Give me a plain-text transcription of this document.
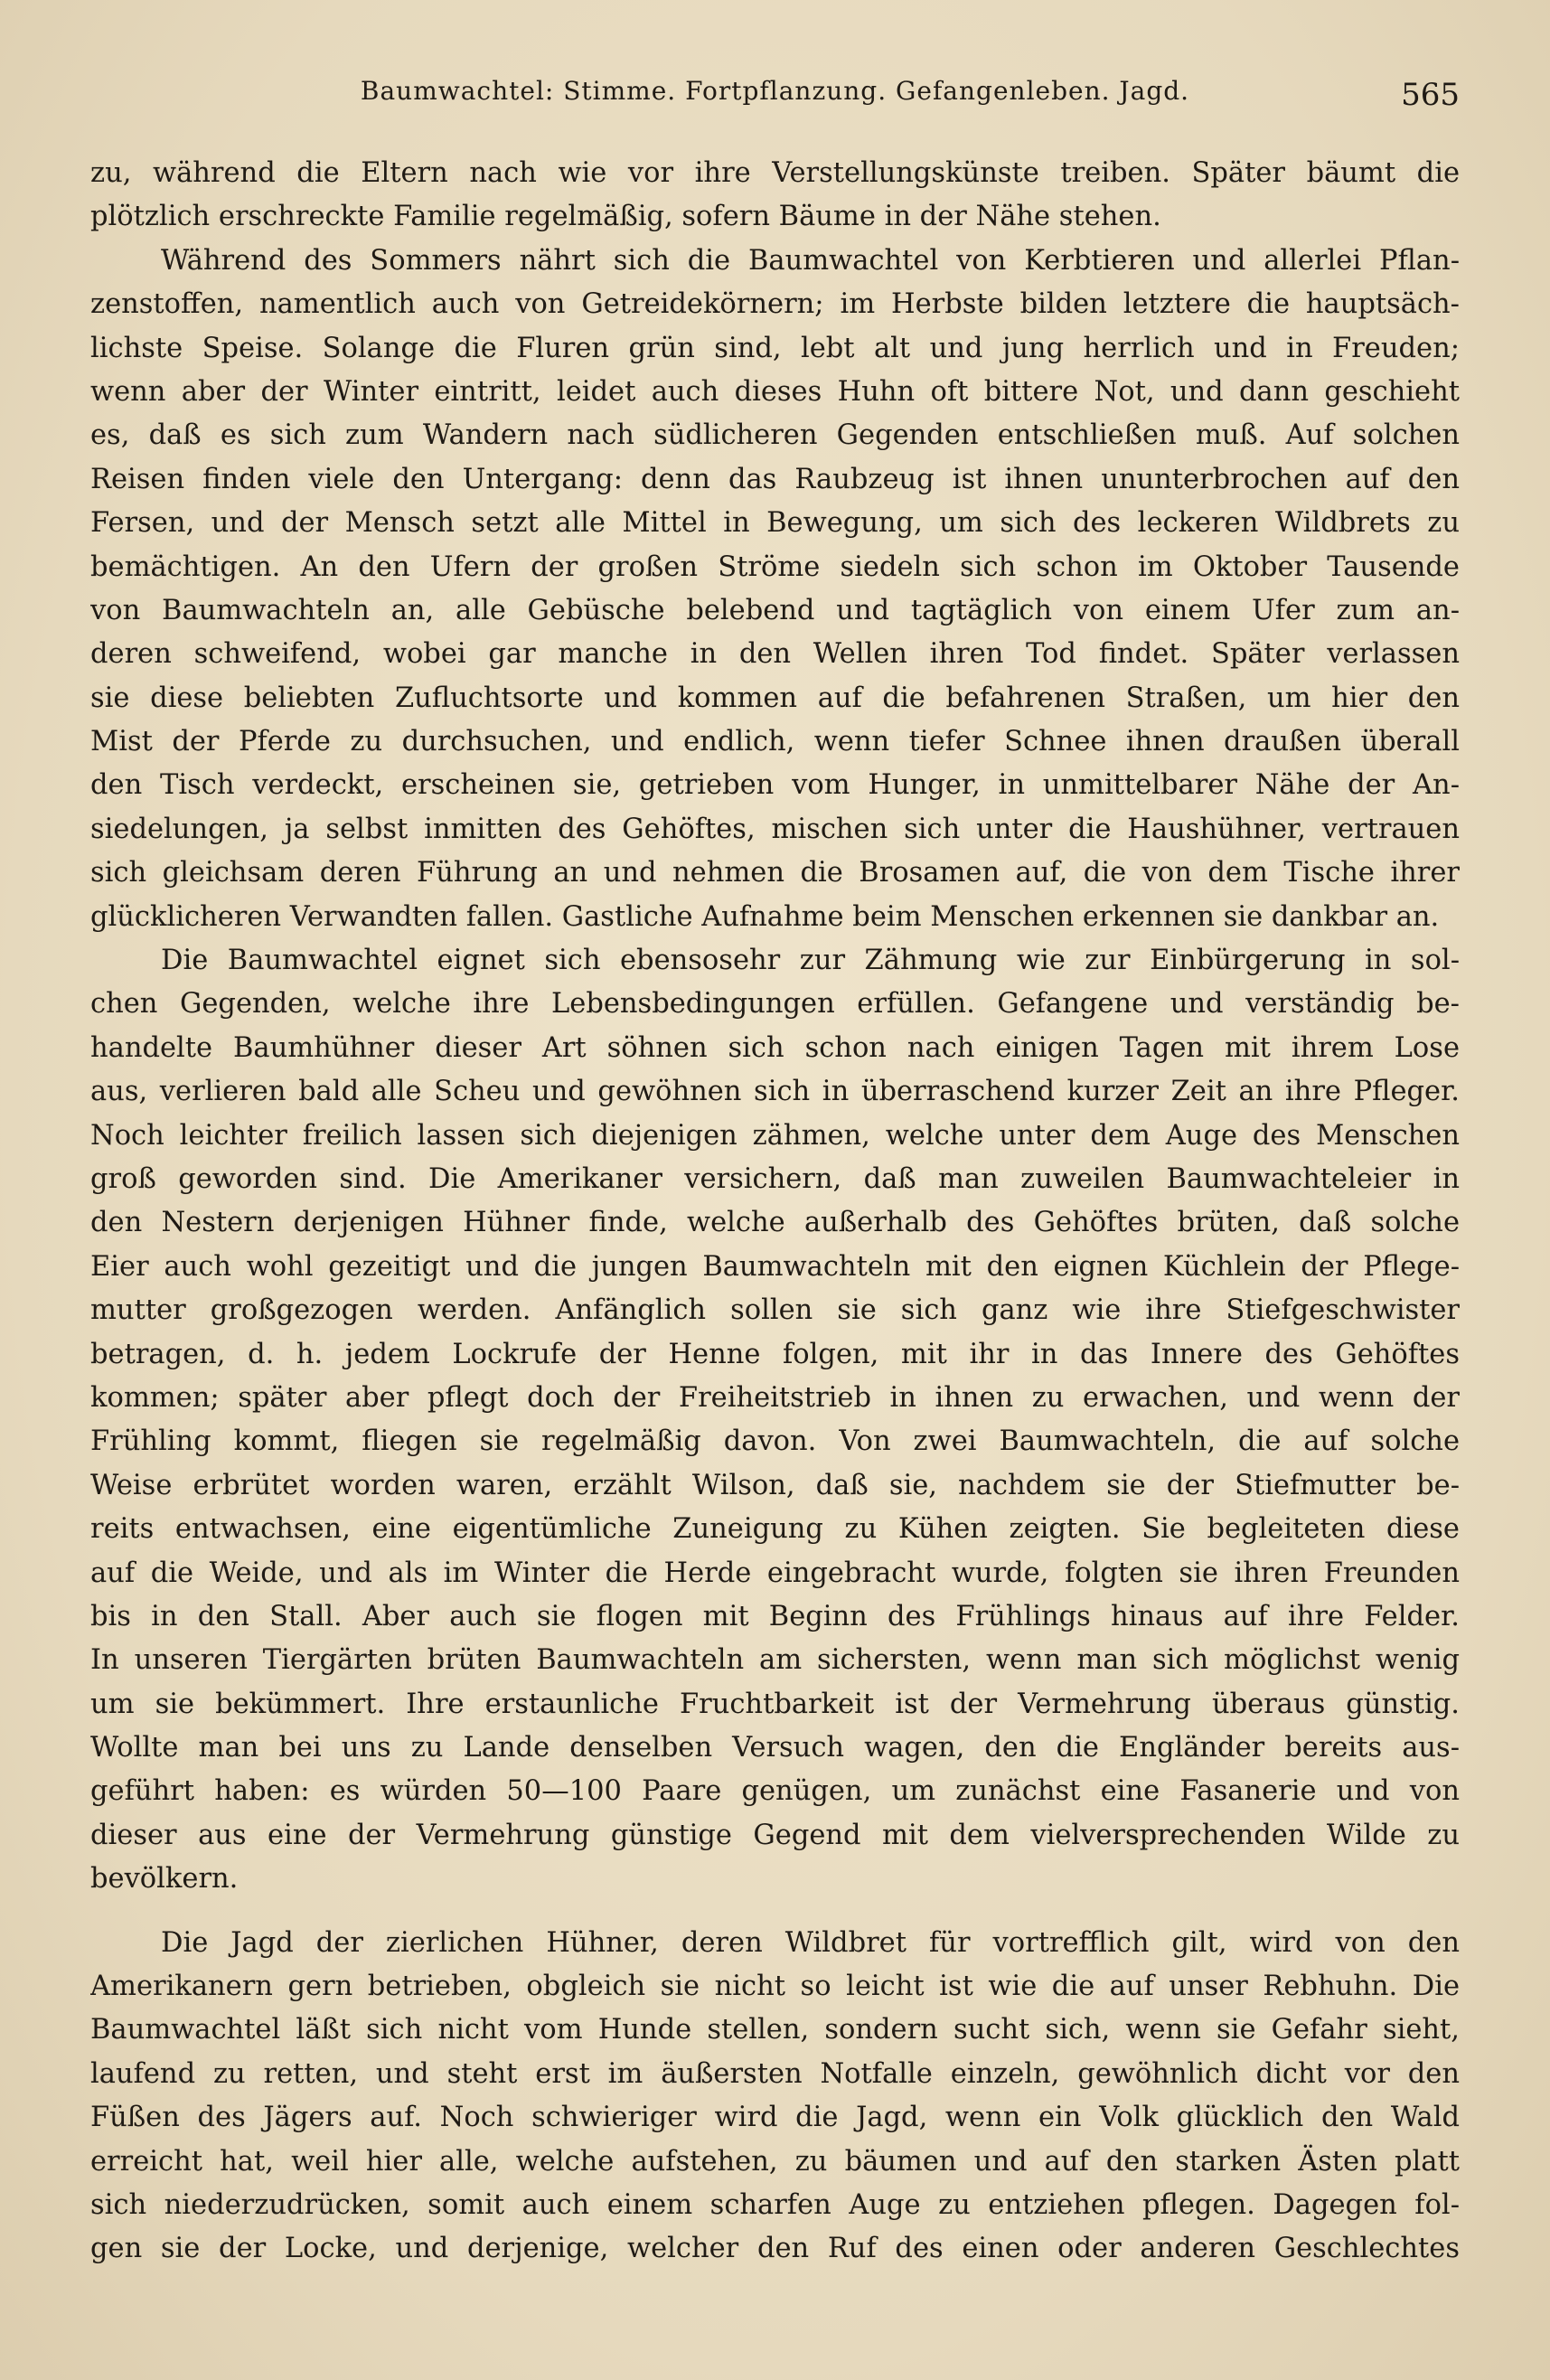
Baumwachtel: Stimme. Fortpflanzung. Gefangenleben. Jagd.	565
zu, während die Eltern nach wie vor ihre Verstellungskünste treiben. Später bäumt die
plötzlich erschreckte Familie regelmäßig, sofern Bäume in der Nähe stehen.
Während des Sommers nährt sich die Baumwachtel von Kerbtieren und allerlei Pflan-
zenstoffen, namentlich auch von Getreidekörnern; im Herbste bilden letztere die hauptsäch-
lichste Speise. Solange die Fluren grün sind, lebt alt und jung herrlich und in Freuden;
wenn aber der Winter eintritt, leidet auch dieses Huhn oft bittere Not, und dann geschieht
es, daß es sich zum Wandern nach südlicheren Gegenden entschließen muß. Auf solchen
Reisen finden viele den Untergang: denn das Raubzeug ist ihnen ununterbrochen auf den
Fersen, und der Mensch setzt alle Mittel in Bewegung, um sich des leckeren Wildbrets zu
bemächtigen. An den Ufern der großen Ströme siedeln sich schon im Oktober Tausende
von Baumwachteln an, alle Gebüsche belebend und tagtäglich von einem Ufer zum an-
deren schweifend, wobei gar manche in den Wellen ihren Tod findet. Später verlassen
sie diese beliebten Zufluchtsorte und kommen auf die befahrenen Straßen, um hier den
Mist der Pferde zu durchsuchen, und endlich, wenn tiefer Schnee ihnen draußen überall
den Tisch verdeckt, erscheinen sie, getrieben vom Hunger, in unmittelbarer Nähe der An-
siedelungen, ja selbst inmitten des Gehöftes, mischen sich unter die Haushühner, vertrauen
sich gleichsam deren Führung an und nehmen die Brosamen auf, die von dem Tische ihrer
glücklicheren Verwandten fallen. Gastliche Aufnahme beim Menschen erkennen sie dankbar an.
Die Baumwachtel eignet sich ebensosehr zur Zähmung wie zur Einbürgerung in sol-
chen Gegenden, welche ihre Lebensbedingungen erfüllen. Gefangene und verständig be-
handelte Baumhühner dieser Art söhnen sich schon nach einigen Tagen mit ihrem Lose
aus, verlieren bald alle Scheu und gewöhnen sich in überraschend kurzer Zeit an ihre Pfleger.
Noch leichter freilich lassen sich diejenigen zähmen, welche unter dem Auge des Menschen
groß geworden sind. Die Amerikaner versichern, daß man zuweilen Baumwachteleier in
den Nestern derjenigen Hühner finde, welche außerhalb des Gehöftes brüten, daß solche
Eier auch wohl gezeitigt und die jungen Baumwachteln mit den eignen Küchlein der Pflege-
mutter großgezogen werden. Anfänglich sollen sie sich ganz wie ihre Stiefgeschwister
betragen, d. h. jedem Lockrufe der Henne folgen, mit ihr in das Innere des Gehöftes
kommen; später aber pflegt doch der Freiheitstrieb in ihnen zu erwachen, und wenn der
Frühling kommt, fliegen sie regelmäßig davon. Von zwei Baumwachteln, die auf solche
Weise erbrütet worden waren, erzählt Wilson, daß sie, nachdem sie der Stiefmutter be-
reits entwachsen, eine eigentümliche Zuneigung zu Kühen zeigten. Sie begleiteten diese
auf die Weide, und als im Winter die Herde eingebracht wurde, folgten sie ihren Freunden
bis in den Stall. Aber auch sie flogen mit Beginn des Frühlings hinaus auf ihre Felder.
In unseren Tiergärten brüten Baumwachteln am sichersten, wenn man sich möglichst wenig
um sie bekümmert. Ihre erstaunliche Fruchtbarkeit ist der Vermehrung überaus günstig.
Wollte man bei uns zu Lande denselben Versuch wagen, den die Engländer bereits aus-
geführt haben: es würden 50—100 Paare genügen, um zunächst eine Fasanerie und von
dieser aus eine der Vermehrung günstige Gegend mit dem vielversprechenden Wilde zu
bevölkern.
Die Jagd der zierlichen Hühner, deren Wildbret für vortrefflich gilt, wird von den
Amerikanern gern betrieben, obgleich sie nicht so leicht ist wie die auf unser Rebhuhn. Die
Baumwachtel läßt sich nicht vom Hunde stellen, sondern sucht sich, wenn sie Gefahr sieht,
laufend zu retten, und steht erst im äußersten Notfalle einzeln, gewöhnlich dicht vor den
Füßen des Jägers auf. Noch schwieriger wird die Jagd, wenn ein Volk glücklich den Wald
erreicht hat, weil hier alle, welche aufstehen, zu bäumen und auf den starken Ästen platt
sich niederzudrücken, somit auch einem scharfen Auge zu entziehen pflegen. Dagegen fol-
gen sie der Locke, und derjenige, welcher den Ruf des einen oder anderen Geschlechtes
